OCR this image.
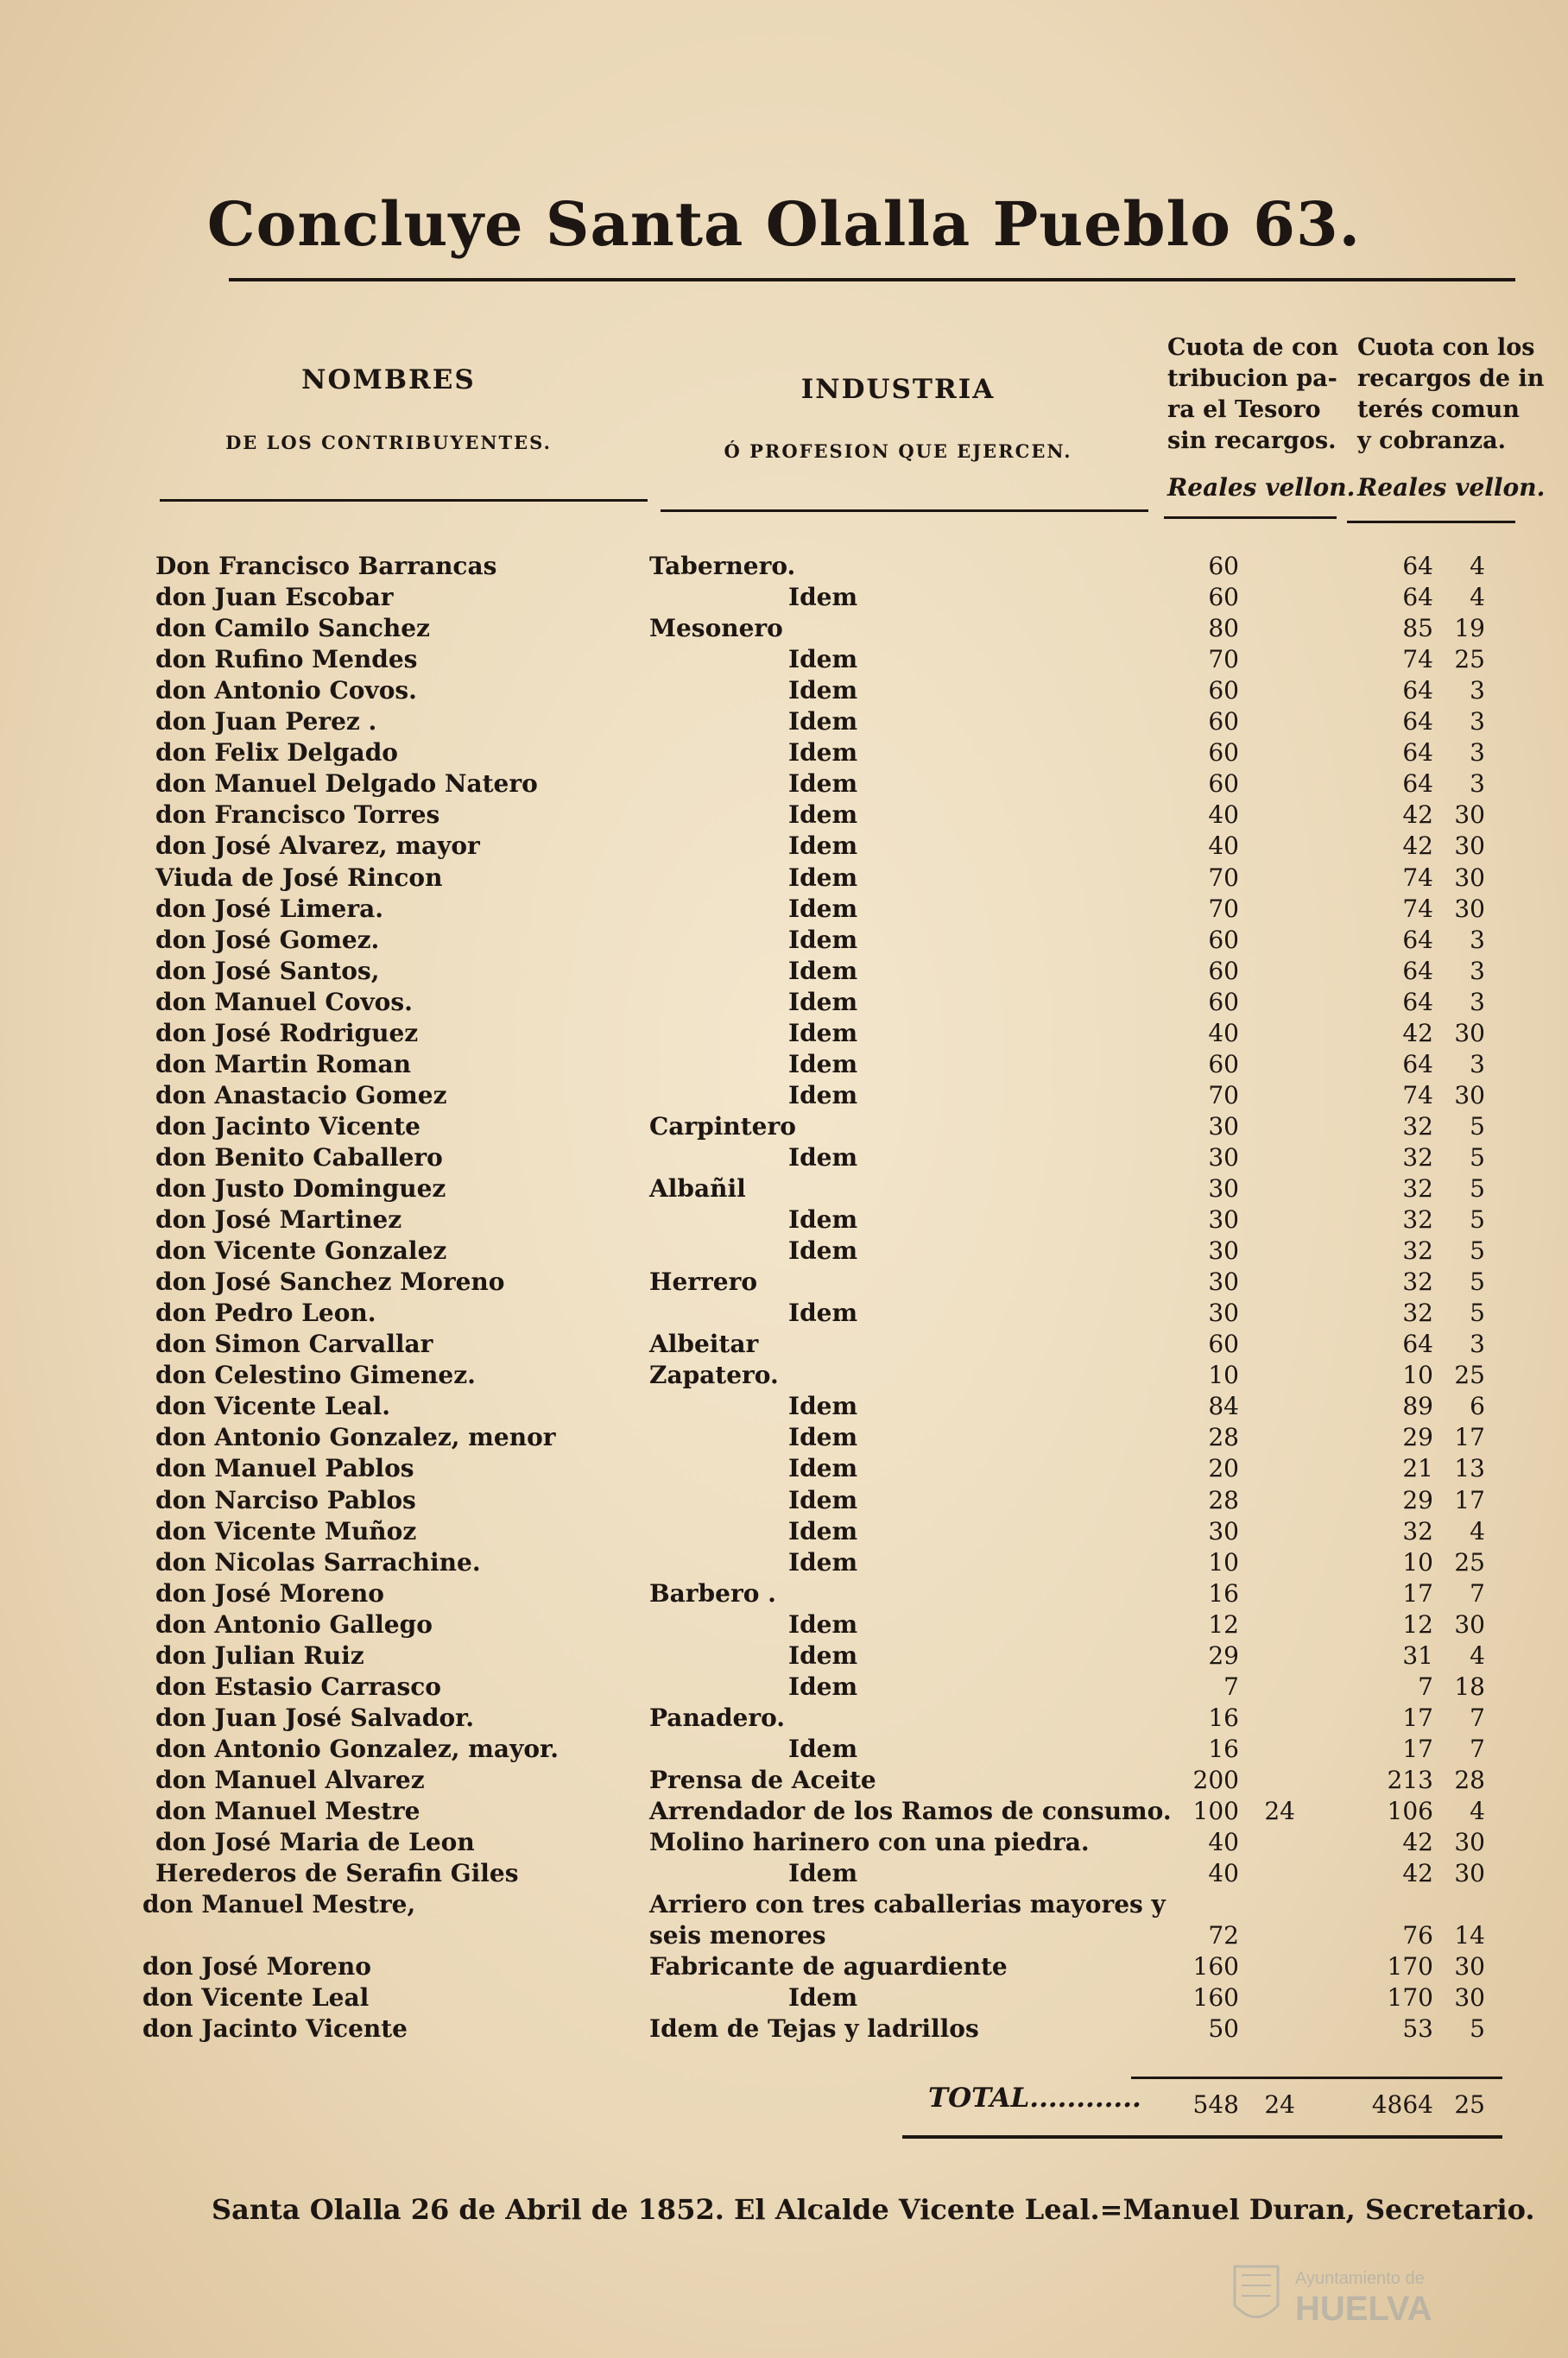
Concluye Santa Olalla Pueblo 63.
NOMBRES
DE LOS CONTRIBUYENTES.
INDUSTRIA
Ó PROFESION QUE EJERCEN.
Cuota de con
tribucion pa-
ra el Tesoro
sin recargos.
Cuota con los
recargos de in
terés comun
y cobranza.
Reales vellon. Reales vellon.
Don Francisco Barrancas	Tabernero.	60	64	4
don Juan Escobar	Idem	60	64	4
don Camilo Sanchez	Mesonero	80	85 19
don Rufino Mendes	Idem	70	74 25
don Antonio Covos.	Idem	60	64	3
don Juan Perez .	Idem	60	64	3
don Felix Delgado	Idem	60	64	3
don Manuel Delgado Natero	Idem	60	64	3
don Francisco Torres	Idem	40	42 30
don José Alvarez, mayor	Idem	40	42 30
Viuda de José Rincon	Idem	70	74 30
don José Limera.	Idem	70	74 30
don José Gomez.	Idem	60	64	3
don José Santos,	Idem	60	64	3
don Manuel Covos.	Idem	60	64	3
don José Rodriguez	Idem	40	42 30
don Martin Roman	Idem	60	64	3
don Anastacio Gomez	Idem	70	74 30
don Jacinto Vicente	Carpintero	30	32	5
don Benito Caballero	Idem	30	32	5
don Justo Dominguez	Albañil	30	32	5
don José Martinez	Idem	30	32	5
don Vicente Gonzalez	Idem	30	32	5
don José Sanchez Moreno	Herrero	30	32	5
don Pedro Leon.	Idem	30	32	5
don Simon Carvallar	Albeitar	60	64	3
don Celestino Gimenez.	Zapatero.	10	10 25
don Vicente Leal.	Idem	84	89	6
don Antonio Gonzalez, menor	Idem	28	29 17
don Manuel Pablos	Idem	20	21 13
don Narciso Pablos	Idem	28	29 17
don Vicente Muñoz	Idem	30	32	4
don Nicolas Sarrachine.	Idem	10	10 25
don José Moreno	Barbero .	16	17	7
don Antonio Gallego	Idem	12	12 30
don Julian Ruiz	Idem	29	31	4
don Estasio Carrasco	Idem	7	7 18
don Juan José Salvador.	Panadero.	16	17	7
don Antonio Gonzalez, mayor.	Idem	16	17	7
don Manuel Alvarez	Prensa de Aceite	200	213 28
don Manuel Mestre	Arrendador de los Ramos de consumo. 100	24	106	4
don José Maria de Leon	Molino harinero con una piedra.	40	42 30
Herederos de Serafin Giles	Idem	40	42 30
don Manuel Mestre,	Arriero con tres caballerias mayores y
seis menores	72	76 14
don José Moreno	Fabricante de aguardiente	160	170 30
don Vicente Leal	Idem	160	170 30
don Jacinto Vicente	Idem de Tejas y ladrillos	50	53	5
TOTAL............	548	24	4864 25
Santa Olalla 26 de Abril de 1852. El Alcalde Vicente Leal.=Manuel Duran, Secretario.
Ayuntamiento de
HUELVA
